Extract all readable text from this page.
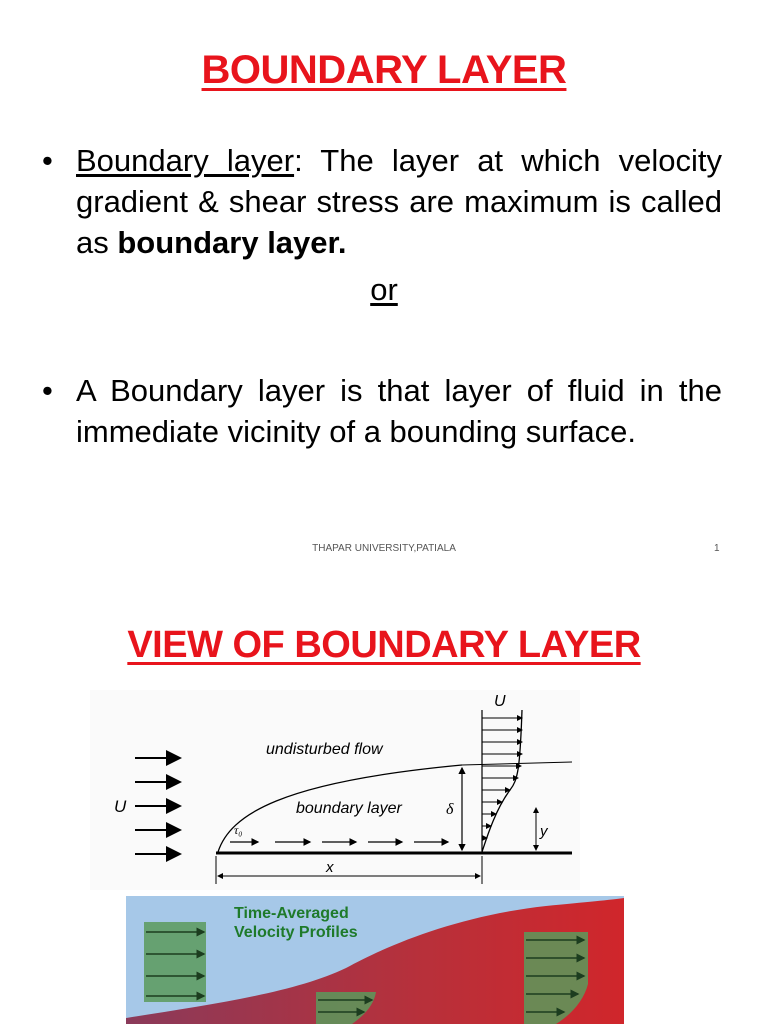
BOUNDARY LAYER
• Boundary layer: The layer at which velocity gradient & shear stress are maximum is called as boundary layer.
or
• A Boundary layer is that layer of fluid in the immediate vicinity of a bounding surface.
THAPAR UNIVERSITY,PATIALA	1
VIEW OF BOUNDARY LAYER
U
τ₀
undisturbed flow
boundary layer	δ
U
y
x
Time-Averaged
Velocity Profiles
